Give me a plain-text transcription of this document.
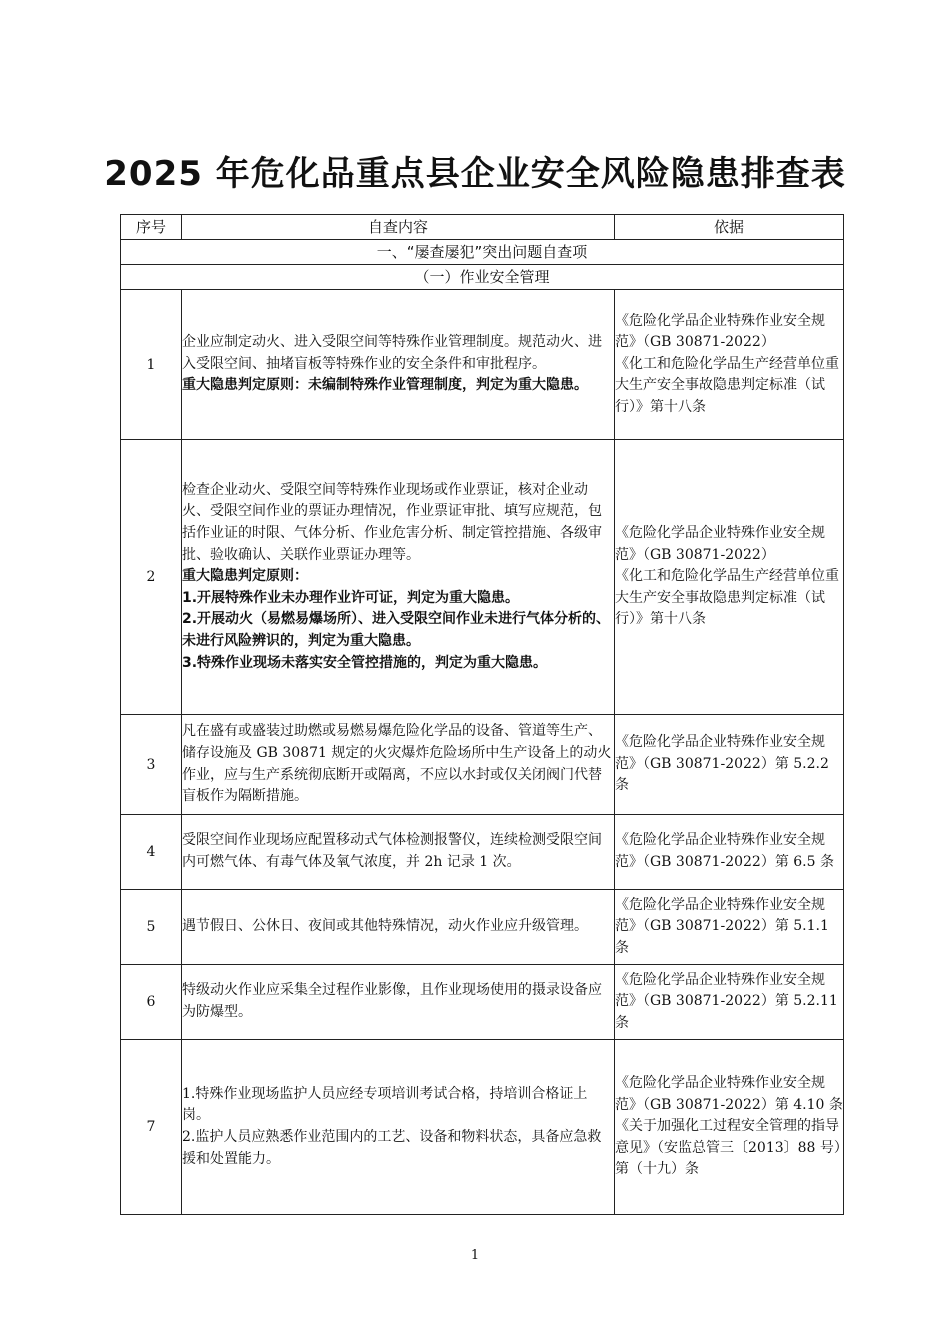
2025 年危化品重点县企业安全风险隐患排查表
序号	自查内容	依据
一、“屡查屡犯”突出问题自查项		
（一）作业安全管理		
1	企业应制定动火、进入受限空间等特殊作业管理制度。规范动火、进入受限空间、抽堵盲板等特殊作业的安全条件和审批程序。
重大隐患判定原则：未编制特殊作业管理制度，判定为重大隐患。	《危险化学品企业特殊作业安全规范》（GB 30871-2022）
《化工和危险化学品生产经营单位重大生产安全事故隐患判定标准（试行）》第十八条

2	检查企业动火、受限空间等特殊作业现场或作业票证，核对企业动火、受限空间作业的票证办理情况，作业票证审批、填写应规范，包括作业证的时限、气体分析、作业危害分析、制定管控措施、各级审批、验收确认、关联作业票证办理等。
重大隐患判定原则：
1.开展特殊作业未办理作业许可证，判定为重大隐患。
2.开展动火（易燃易爆场所）、进入受限空间作业未进行气体分析的、未进行风险辨识的，判定为重大隐患。
3.特殊作业现场未落实安全管控措施的，判定为重大隐患。	《危险化学品企业特殊作业安全规范》（GB 30871-2022）
《化工和危险化学品生产经营单位重大生产安全事故隐患判定标准（试行）》第十八条

3	凡在盛有或盛装过助燃或易燃易爆危险化学品的设备、管道等生产、储存设施及 GB 30871 规定的火灾爆炸危险场所中生产设备上的动火作业，应与生产系统彻底断开或隔离，不应以水封或仅关闭阀门代替盲板作为隔断措施。	《危险化学品企业特殊作业安全规范》（GB 30871-2022）第 5.2.2 条

4	受限空间作业现场应配置移动式气体检测报警仪，连续检测受限空间内可燃气体、有毒气体及氧气浓度，并 2h 记录 1 次。	《危险化学品企业特殊作业安全规范》（GB 30871-2022）第 6.5 条

5	遇节假日、公休日、夜间或其他特殊情况，动火作业应升级管理。	《危险化学品企业特殊作业安全规范》（GB 30871-2022）第 5.1.1 条

6	特级动火作业应采集全过程作业影像，且作业现场使用的摄录设备应为防爆型。	《危险化学品企业特殊作业安全规范》（GB 30871-2022）第 5.2.11 条

7	1.特殊作业现场监护人员应经专项培训考试合格，持培训合格证上岗。
2.监护人员应熟悉作业范围内的工艺、设备和物料状态，具备应急救援和处置能力。	《危险化学品企业特殊作业安全规范》（GB 30871-2022）第 4.10 条
《关于加强化工过程安全管理的指导意见》（安监总管三〔2013〕88 号）第（十九）条
1
